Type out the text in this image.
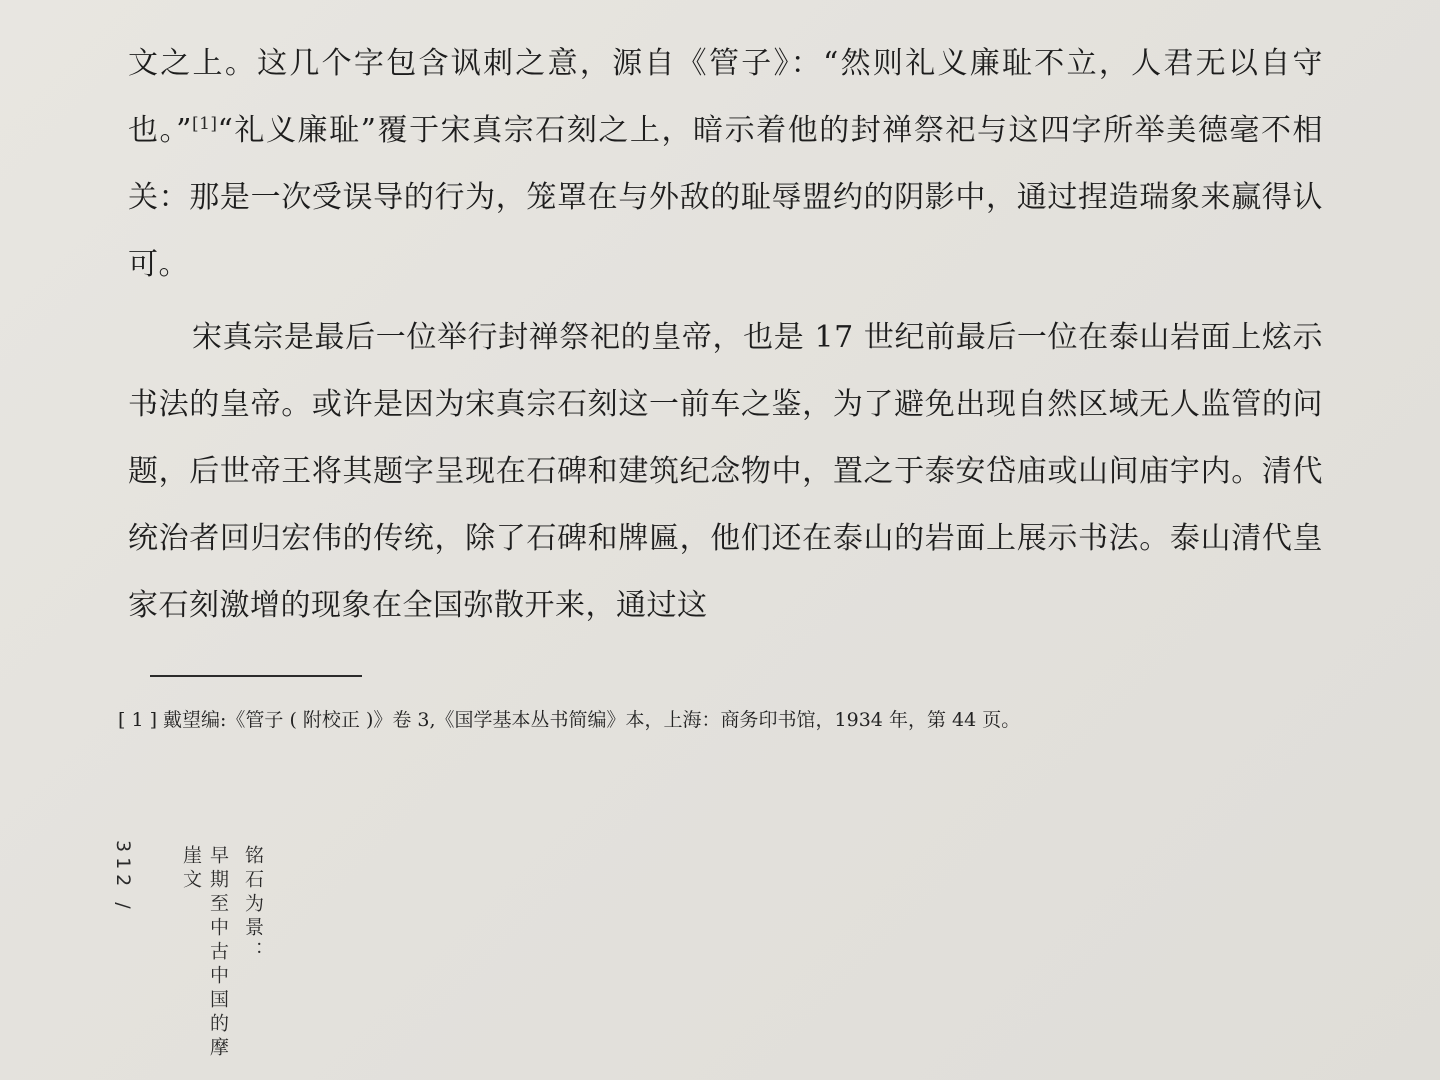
文之上。这几个字包含讽刺之意，源自《管子》：“然则礼义廉耻不立，人君无以自守也。”[1]“礼义廉耻”覆于宋真宗石刻之上，暗示着他的封禅祭祀与这四字所举美德毫不相关：那是一次受误导的行为，笼罩在与外敌的耻辱盟约的阴影中，通过捏造瑞象来赢得认可。

宋真宗是最后一位举行封禅祭祀的皇帝，也是 17 世纪前最后一位在泰山岩面上炫示书法的皇帝。或许是因为宋真宗石刻这一前车之鉴，为了避免出现自然区域无人监管的问题，后世帝王将其题字呈现在石碑和建筑纪念物中，置之于泰安岱庙或山间庙宇内。清代统治者回归宏伟的传统，除了石碑和牌匾，他们还在泰山的岩面上展示书法。泰山清代皇家石刻激增的现象在全国弥散开来，通过这

[ 1 ] 戴望编:《管子 ( 附校正 )》卷 3,《国学基本丛书简编》本，上海：商务印书馆，1934 年，第 44 页。
312 /	早期至中古中国的摩崖文	铭石为景：
